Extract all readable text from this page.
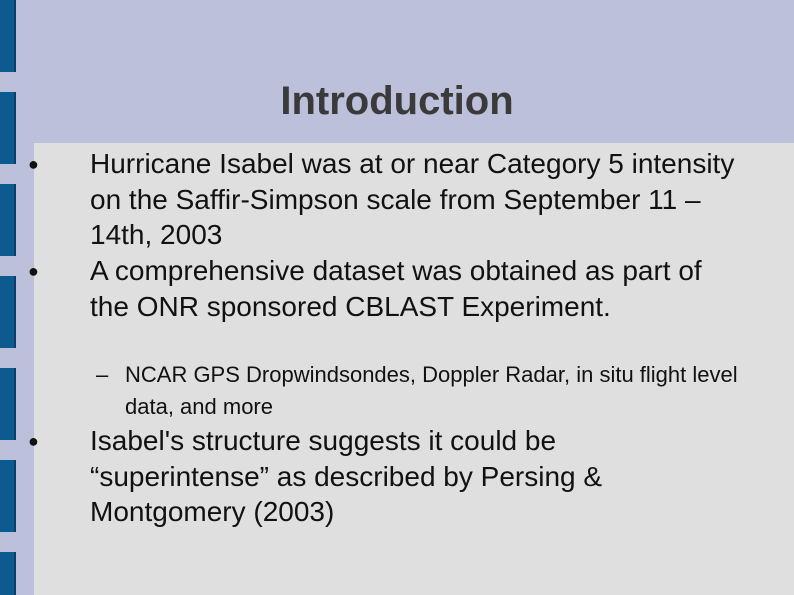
Introduction
● Hurricane Isabel was at or near Category 5 intensity on the Saffir-Simpson scale from September 11 – 14th, 2003
● A comprehensive dataset was obtained as part of the ONR sponsored CBLAST Experiment.
– NCAR GPS Dropwindsondes, Doppler Radar, in situ flight level data, and more
● Isabel's structure suggests it could be “superintense” as described by Persing & Montgomery (2003)
